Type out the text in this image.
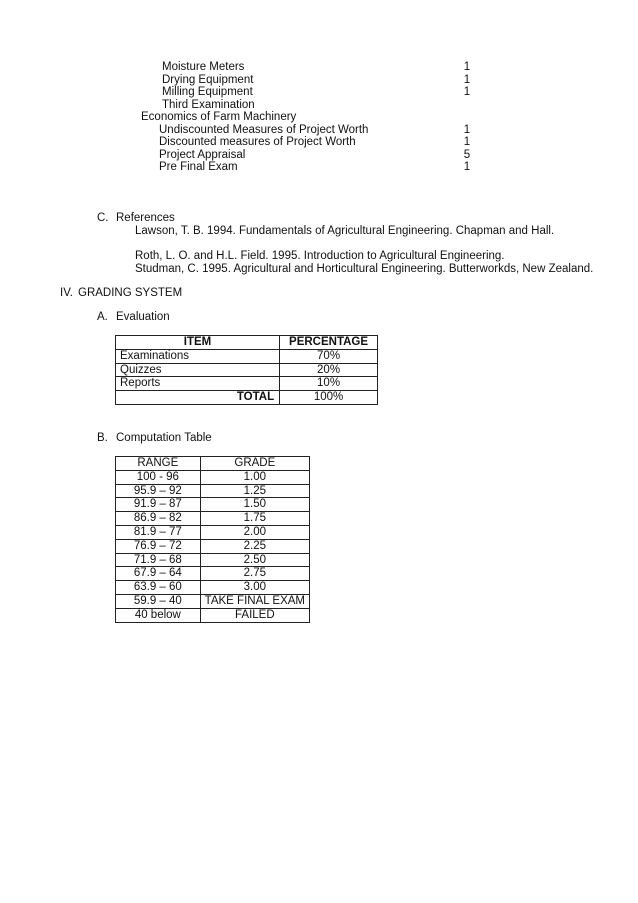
Moisture Meters	1
Drying Equipment	1
Milling Equipment	1
Third Examination
Economics of Farm Machinery
Undiscounted Measures of Project Worth	1
Discounted measures of Project Worth	1
Project Appraisal	5
Pre Final Exam	1
C. References
Lawson, T. B. 1994. Fundamentals of Agricultural Engineering. Chapman and Hall.
Roth, L. O. and H.L. Field. 1995. Introduction to Agricultural Engineering.
Studman, C. 1995. Agricultural and Horticultural Engineering. Butterworkds, New Zealand.
IV. GRADING SYSTEM
A. Evaluation
ITEM	PERCENTAGE
Examinations	70%
Quizzes	20%
Reports	10%
TOTAL	100%
B. Computation Table
RANGE	GRADE
100 - 96	1.00
95.9 – 92	1.25
91.9 – 87	1.50
86.9 – 82	1.75
81.9 – 77	2.00
76.9 – 72	2.25
71.9 – 68	2.50
67.9 – 64	2.75
63.9 – 60	3.00
59.9 – 40	TAKE FINAL EXAM
40 below	FAILED
